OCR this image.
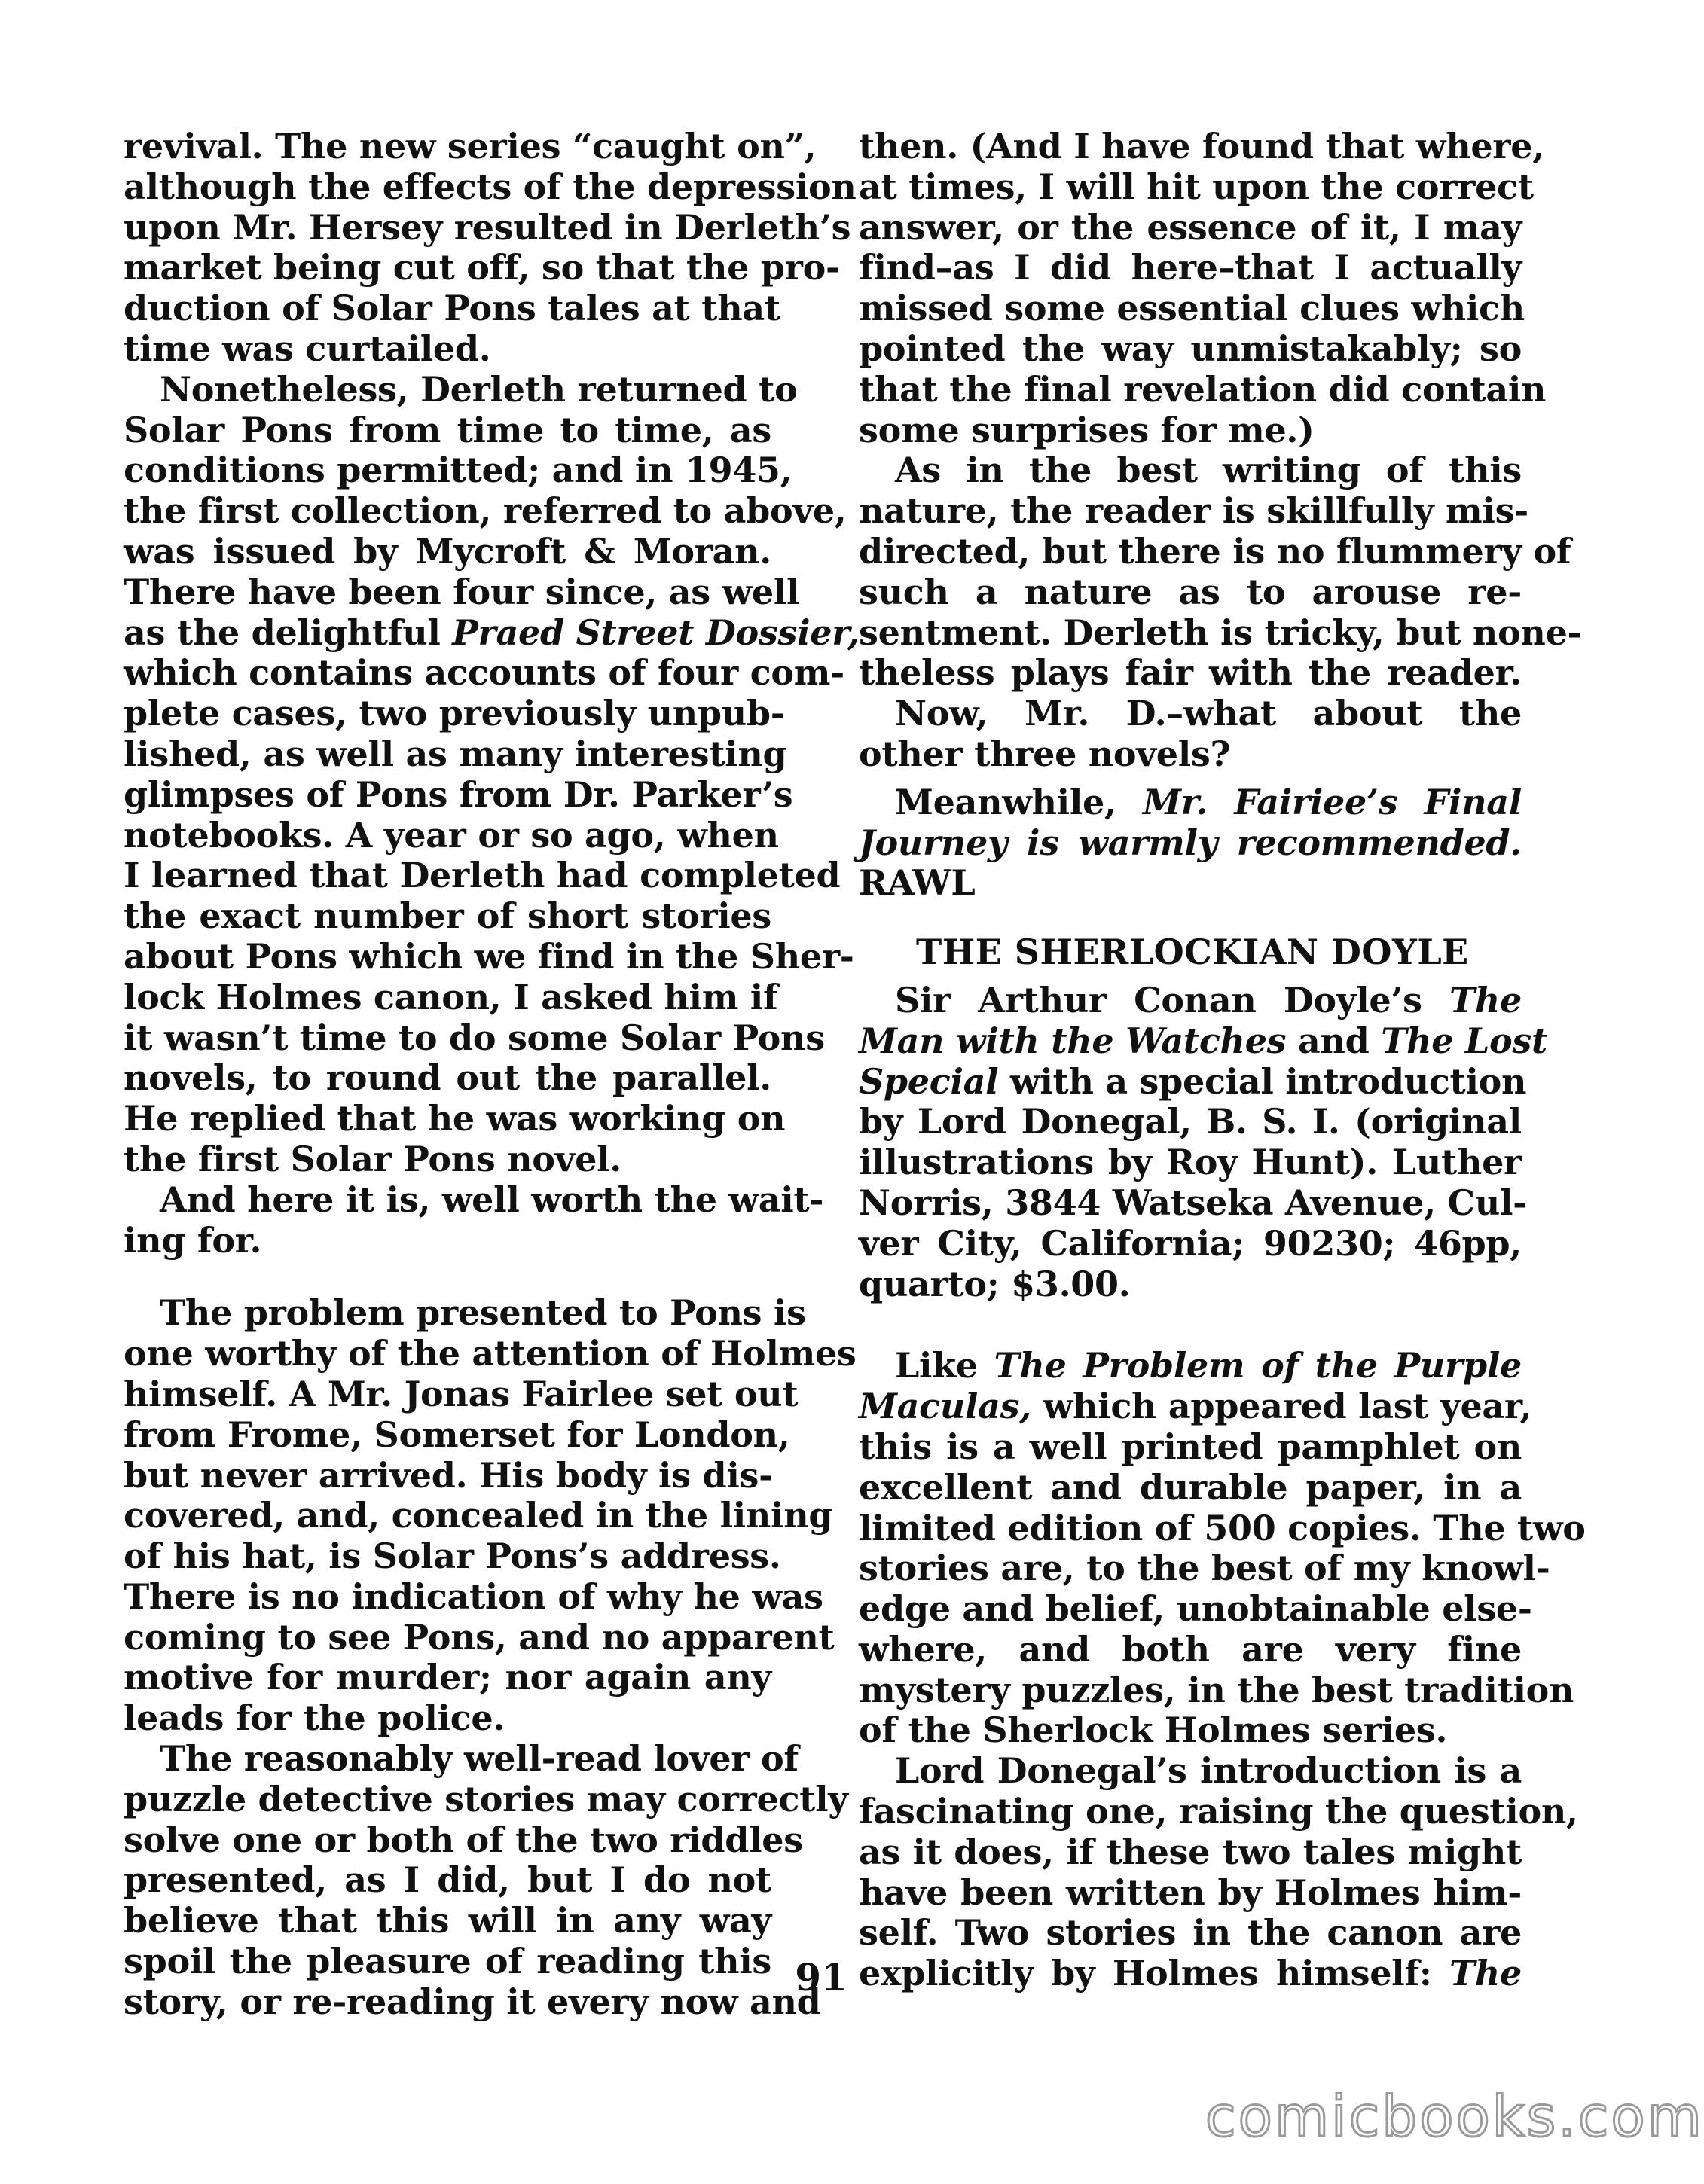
revival. The new series “caught on”,
although the effects of the depression
upon Mr. Hersey resulted in Derleth’s
market being cut off, so that the pro-
duction of Solar Pons tales at that
time was curtailed.
Nonetheless, Derleth returned to
Solar Pons from time to time, as
conditions permitted; and in 1945,
the first collection, referred to above,
was issued by Mycroft & Moran.
There have been four since, as well
as the delightful Praed Street Dossier,
which contains accounts of four com-
plete cases, two previously unpub-
lished, as well as many interesting
glimpses of Pons from Dr. Parker’s
notebooks. A year or so ago, when
I learned that Derleth had completed
the exact number of short stories
about Pons which we find in the Sher-
lock Holmes canon, I asked him if
it wasn’t time to do some Solar Pons
novels, to round out the parallel.
He replied that he was working on
the first Solar Pons novel.
And here it is, well worth the wait-
ing for.
The problem presented to Pons is
one worthy of the attention of Holmes
himself. A Mr. Jonas Fairlee set out
from Frome, Somerset for London,
but never arrived. His body is dis-
covered, and, concealed in the lining
of his hat, is Solar Pons’s address.
There is no indication of why he was
coming to see Pons, and no apparent
motive for murder; nor again any
leads for the police.
The reasonably well-read lover of
puzzle detective stories may correctly
solve one or both of the two riddles
presented, as I did, but I do not
believe that this will in any way
spoil the pleasure of reading this
story, or re-reading it every now and
then. (And I have found that where,
at times, I will hit upon the correct
answer, or the essence of it, I may
find–as I did here–that I actually
missed some essential clues which
pointed the way unmistakably; so
that the final revelation did contain
some surprises for me.)
As in the best writing of this
nature, the reader is skillfully mis-
directed, but there is no flummery of
such a nature as to arouse re-
sentment. Derleth is tricky, but none-
theless plays fair with the reader.
Now, Mr. D.–what about the
other three novels?
Meanwhile, Mr. Fairiee’s Final
Journey is warmly recommended.
RAWL
THE SHERLOCKIAN DOYLE
Sir Arthur Conan Doyle’s The
Man with the Watches and The Lost
Special with a special introduction
by Lord Donegal, B. S. I. (original
illustrations by Roy Hunt). Luther
Norris, 3844 Watseka Avenue, Cul-
ver City, California; 90230; 46pp,
quarto; $3.00.
Like The Problem of the Purple
Maculas, which appeared last year,
this is a well printed pamphlet on
excellent and durable paper, in a
limited edition of 500 copies. The two
stories are, to the best of my knowl-
edge and belief, unobtainable else-
where, and both are very fine
mystery puzzles, in the best tradition
of the Sherlock Holmes series.
Lord Donegal’s introduction is a
fascinating one, raising the question,
as it does, if these two tales might
have been written by Holmes him-
self. Two stories in the canon are
explicitly by Holmes himself: The
91
comicbooks.com
